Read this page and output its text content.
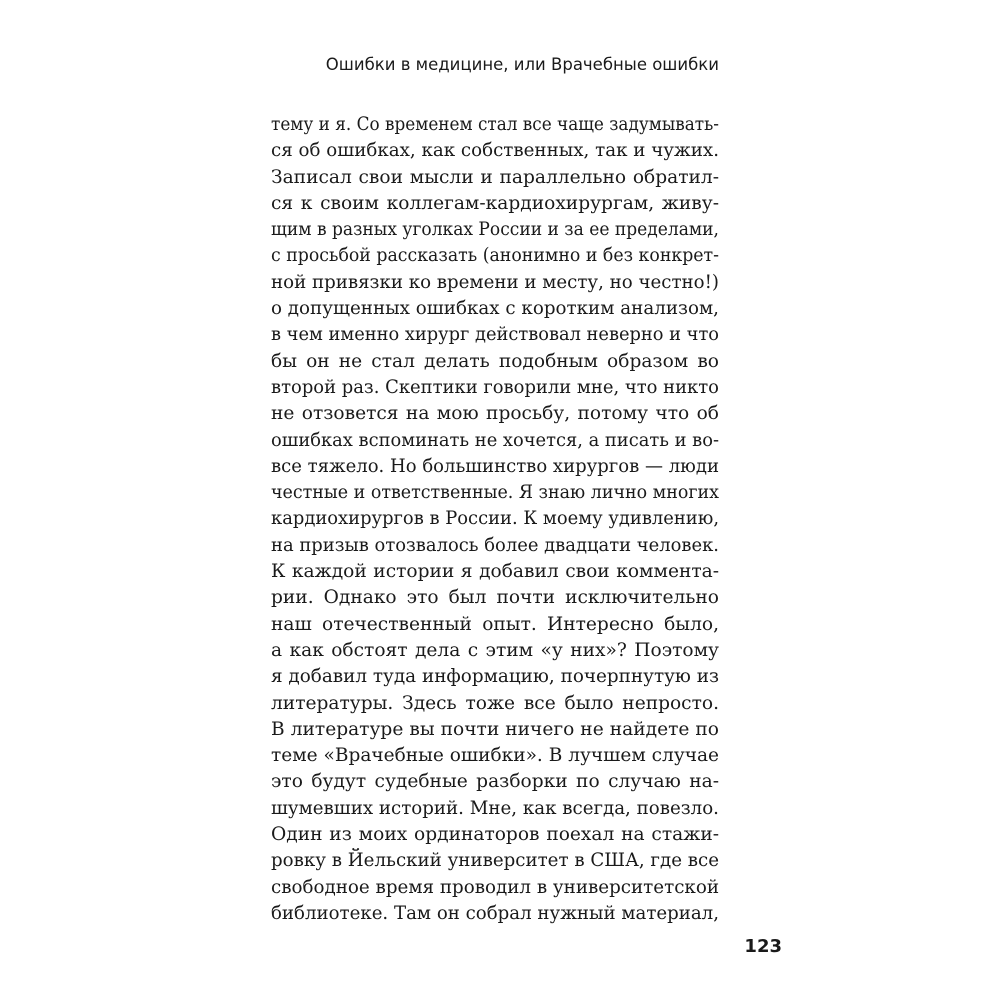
Ошибки в медицине, или Врачебные ошибки
тему и я. Со временем стал все чаще задумывать-
ся об ошибках, как собственных, так и чужих.
Записал свои мысли и параллельно обратил-
ся к своим коллегам-кардиохирургам, живу-
щим в разных уголках России и за ее пределами,
с просьбой рассказать (анонимно и без конкрет-
ной привязки ко времени и месту, но честно!)
о допущенных ошибках с коротким анализом,
в чем именно хирург действовал неверно и что
бы он не стал делать подобным образом во
второй раз. Скептики говорили мне, что никто
не отзовется на мою просьбу, потому что об
ошибках вспоминать не хочется, а писать и во-
все тяжело. Но большинство хирургов — люди
честные и ответственные. Я знаю лично многих
кардиохирургов в России. К моему удивлению,
на призыв отозвалось более двадцати человек.
К каждой истории я добавил свои коммента-
рии. Однако это был почти исключительно
наш отечественный опыт. Интересно было,
а как обстоят дела с этим «у них»? Поэтому
я добавил туда информацию, почерпнутую из
литературы. Здесь тоже все было непросто.
В литературе вы почти ничего не найдете по
теме «Врачебные ошибки». В лучшем случае
это будут судебные разборки по случаю на-
шумевших историй. Мне, как всегда, повезло.
Один из моих ординаторов поехал на стажи-
ровку в Йельский университет в США, где все
свободное время проводил в университетской
библиотеке. Там он собрал нужный материал,
123
